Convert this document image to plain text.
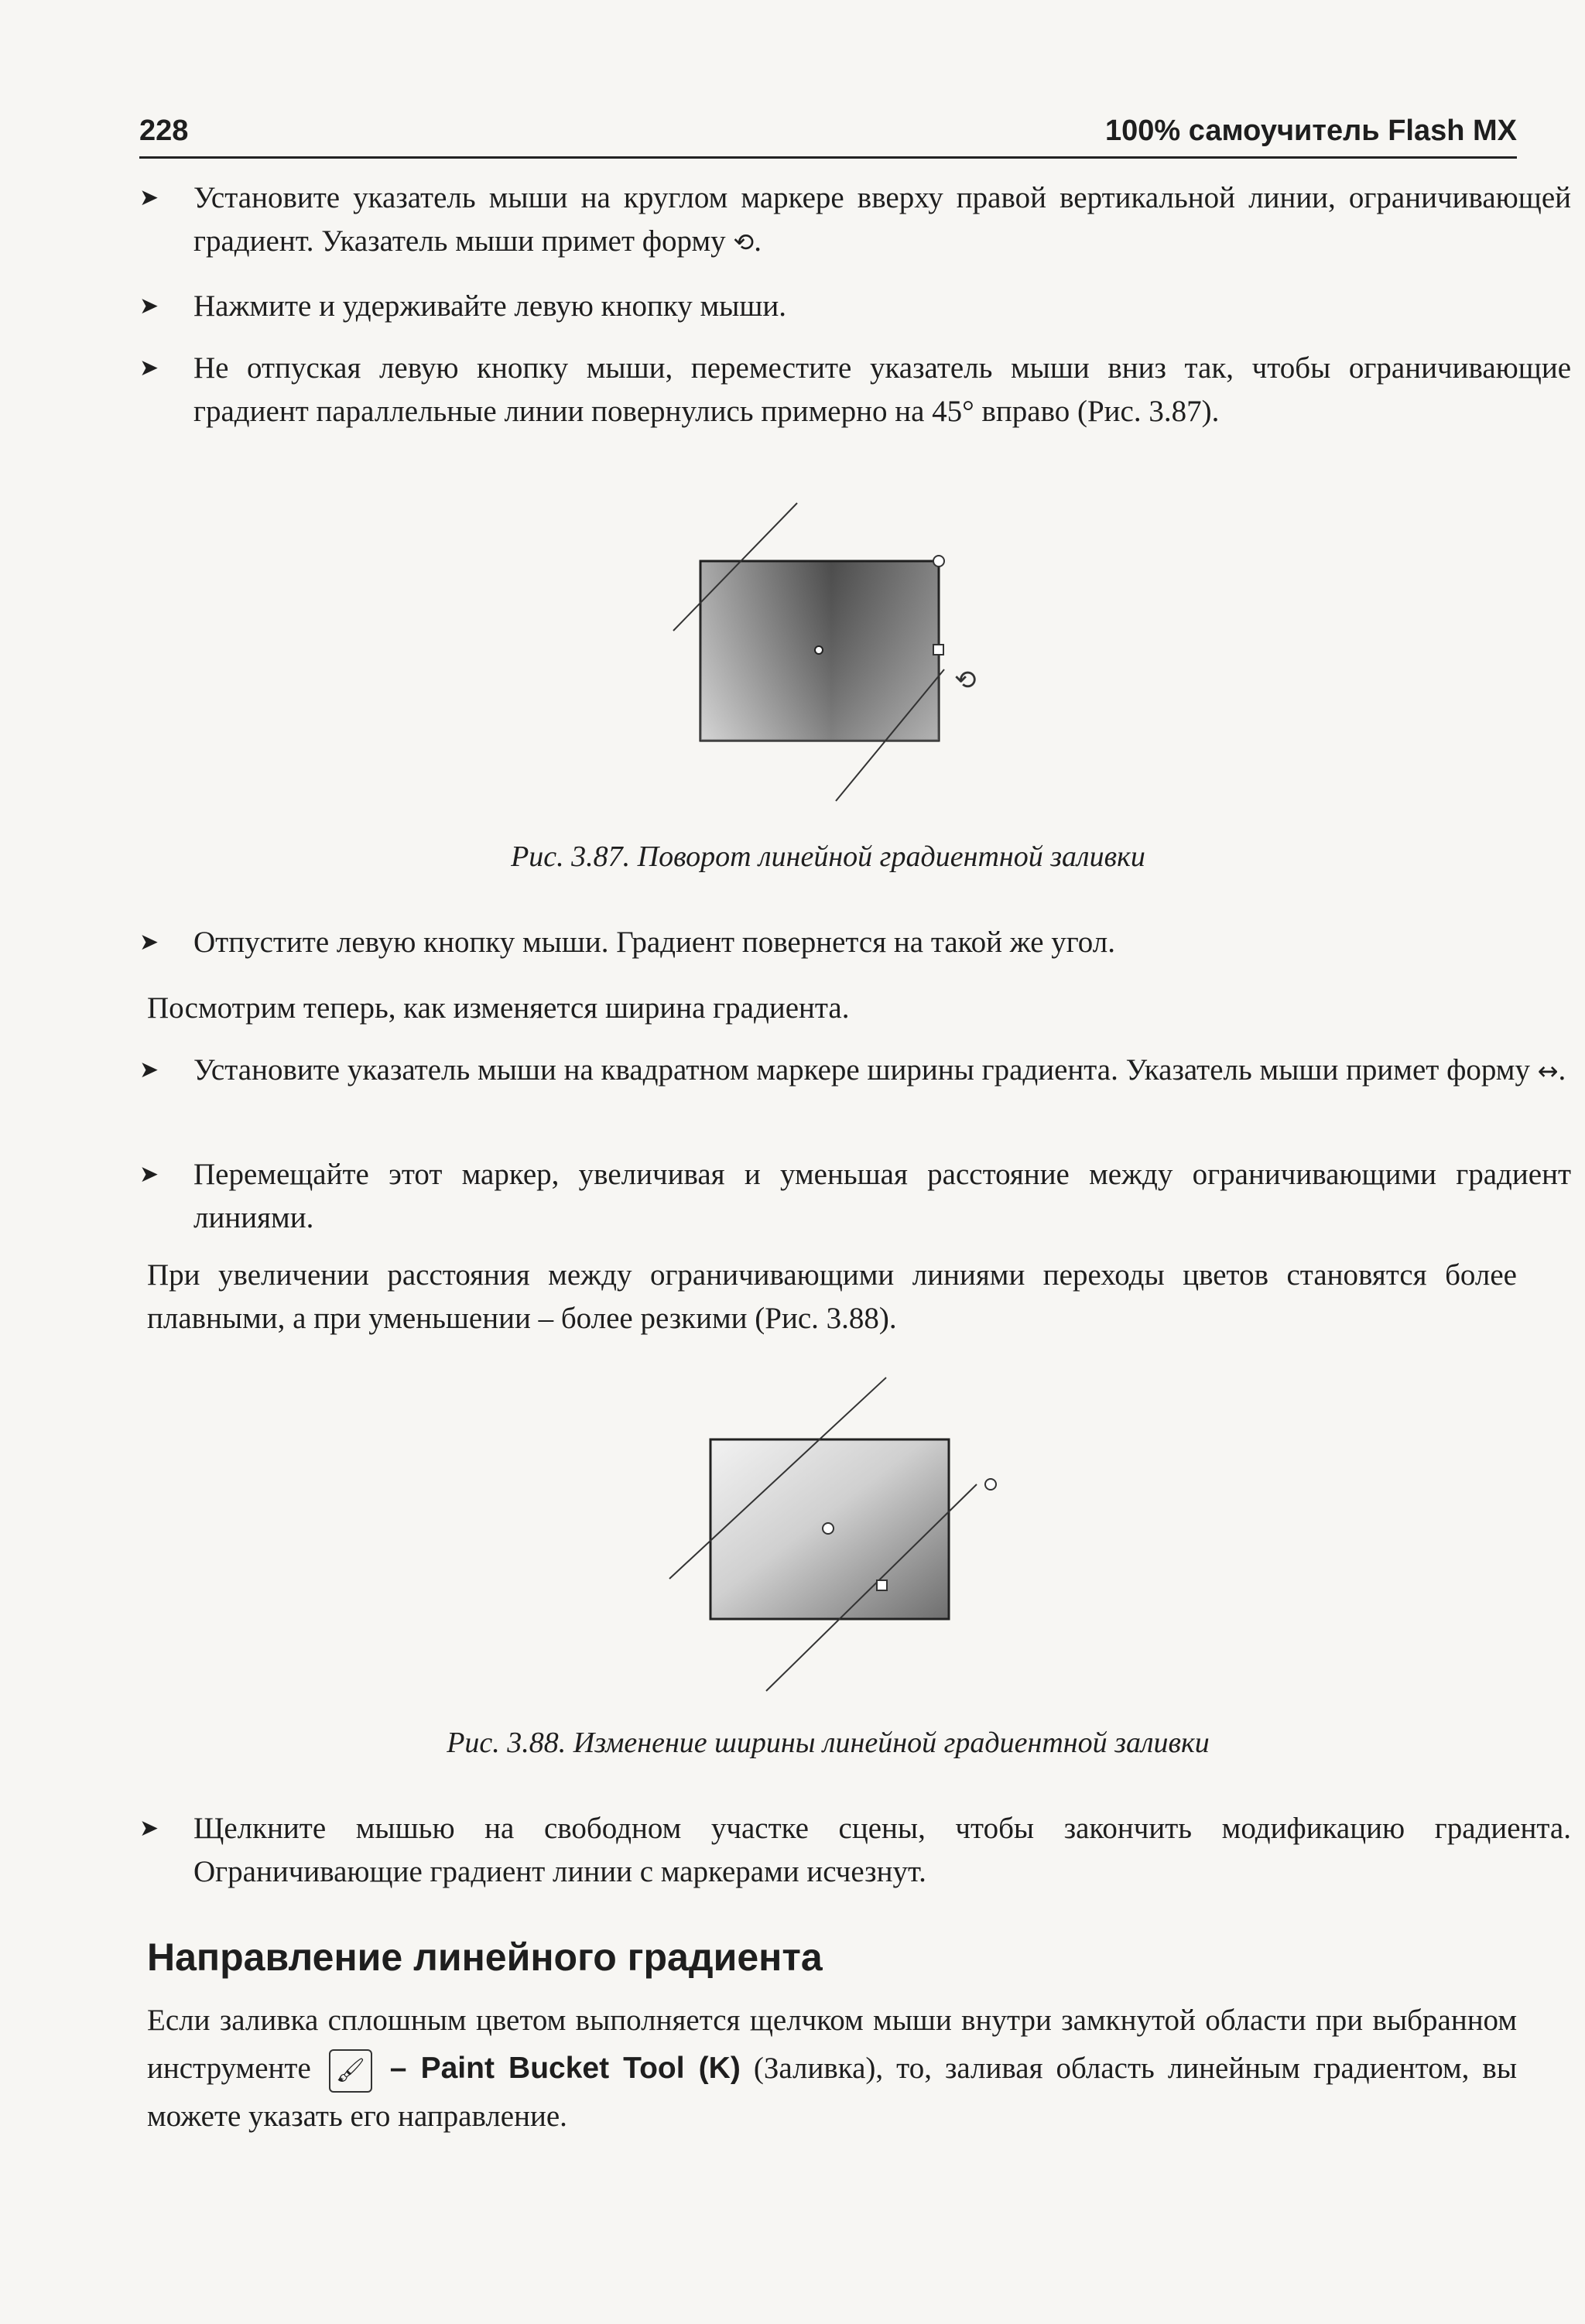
228	100% самоучитель Flash MX
➤ Установите указатель мыши на круглом маркере вверху правой вертикальной линии, ограничивающей градиент. Указатель мыши примет форму ⟲.
➤ Нажмите и удерживайте левую кнопку мыши.
➤ Не отпуская левую кнопку мыши, переместите указатель мыши вниз так, чтобы ограничивающие градиент параллельные линии повернулись примерно на 45° вправо (Рис. 3.87).
⟲
Рис. 3.87. Поворот линейной градиентной заливки
➤ Отпустите левую кнопку мыши. Градиент повернется на такой же угол.
Посмотрим теперь, как изменяется ширина градиента.
➤ Установите указатель мыши на квадратном маркере ширины градиента. Указатель мыши примет форму ↔.
➤ Перемещайте этот маркер, увеличивая и уменьшая расстояние между ограничивающими градиент линиями.
При увеличении расстояния между ограничивающими линиями переходы цветов становятся более плавными, а при уменьшении – более резкими (Рис. 3.88).
Рис. 3.88. Изменение ширины линейной градиентной заливки
➤ Щелкните мышью на свободном участке сцены, чтобы закончить модификацию градиента. Ограничивающие градиент линии с маркерами исчезнут.
Направление линейного градиента
Если заливка сплошным цветом выполняется щелчком мыши внутри замкнутой области при выбранном инструменте 🖌 – Paint Bucket Tool (K) (Заливка), то, заливая область линейным градиентом, вы можете указать его направление.
